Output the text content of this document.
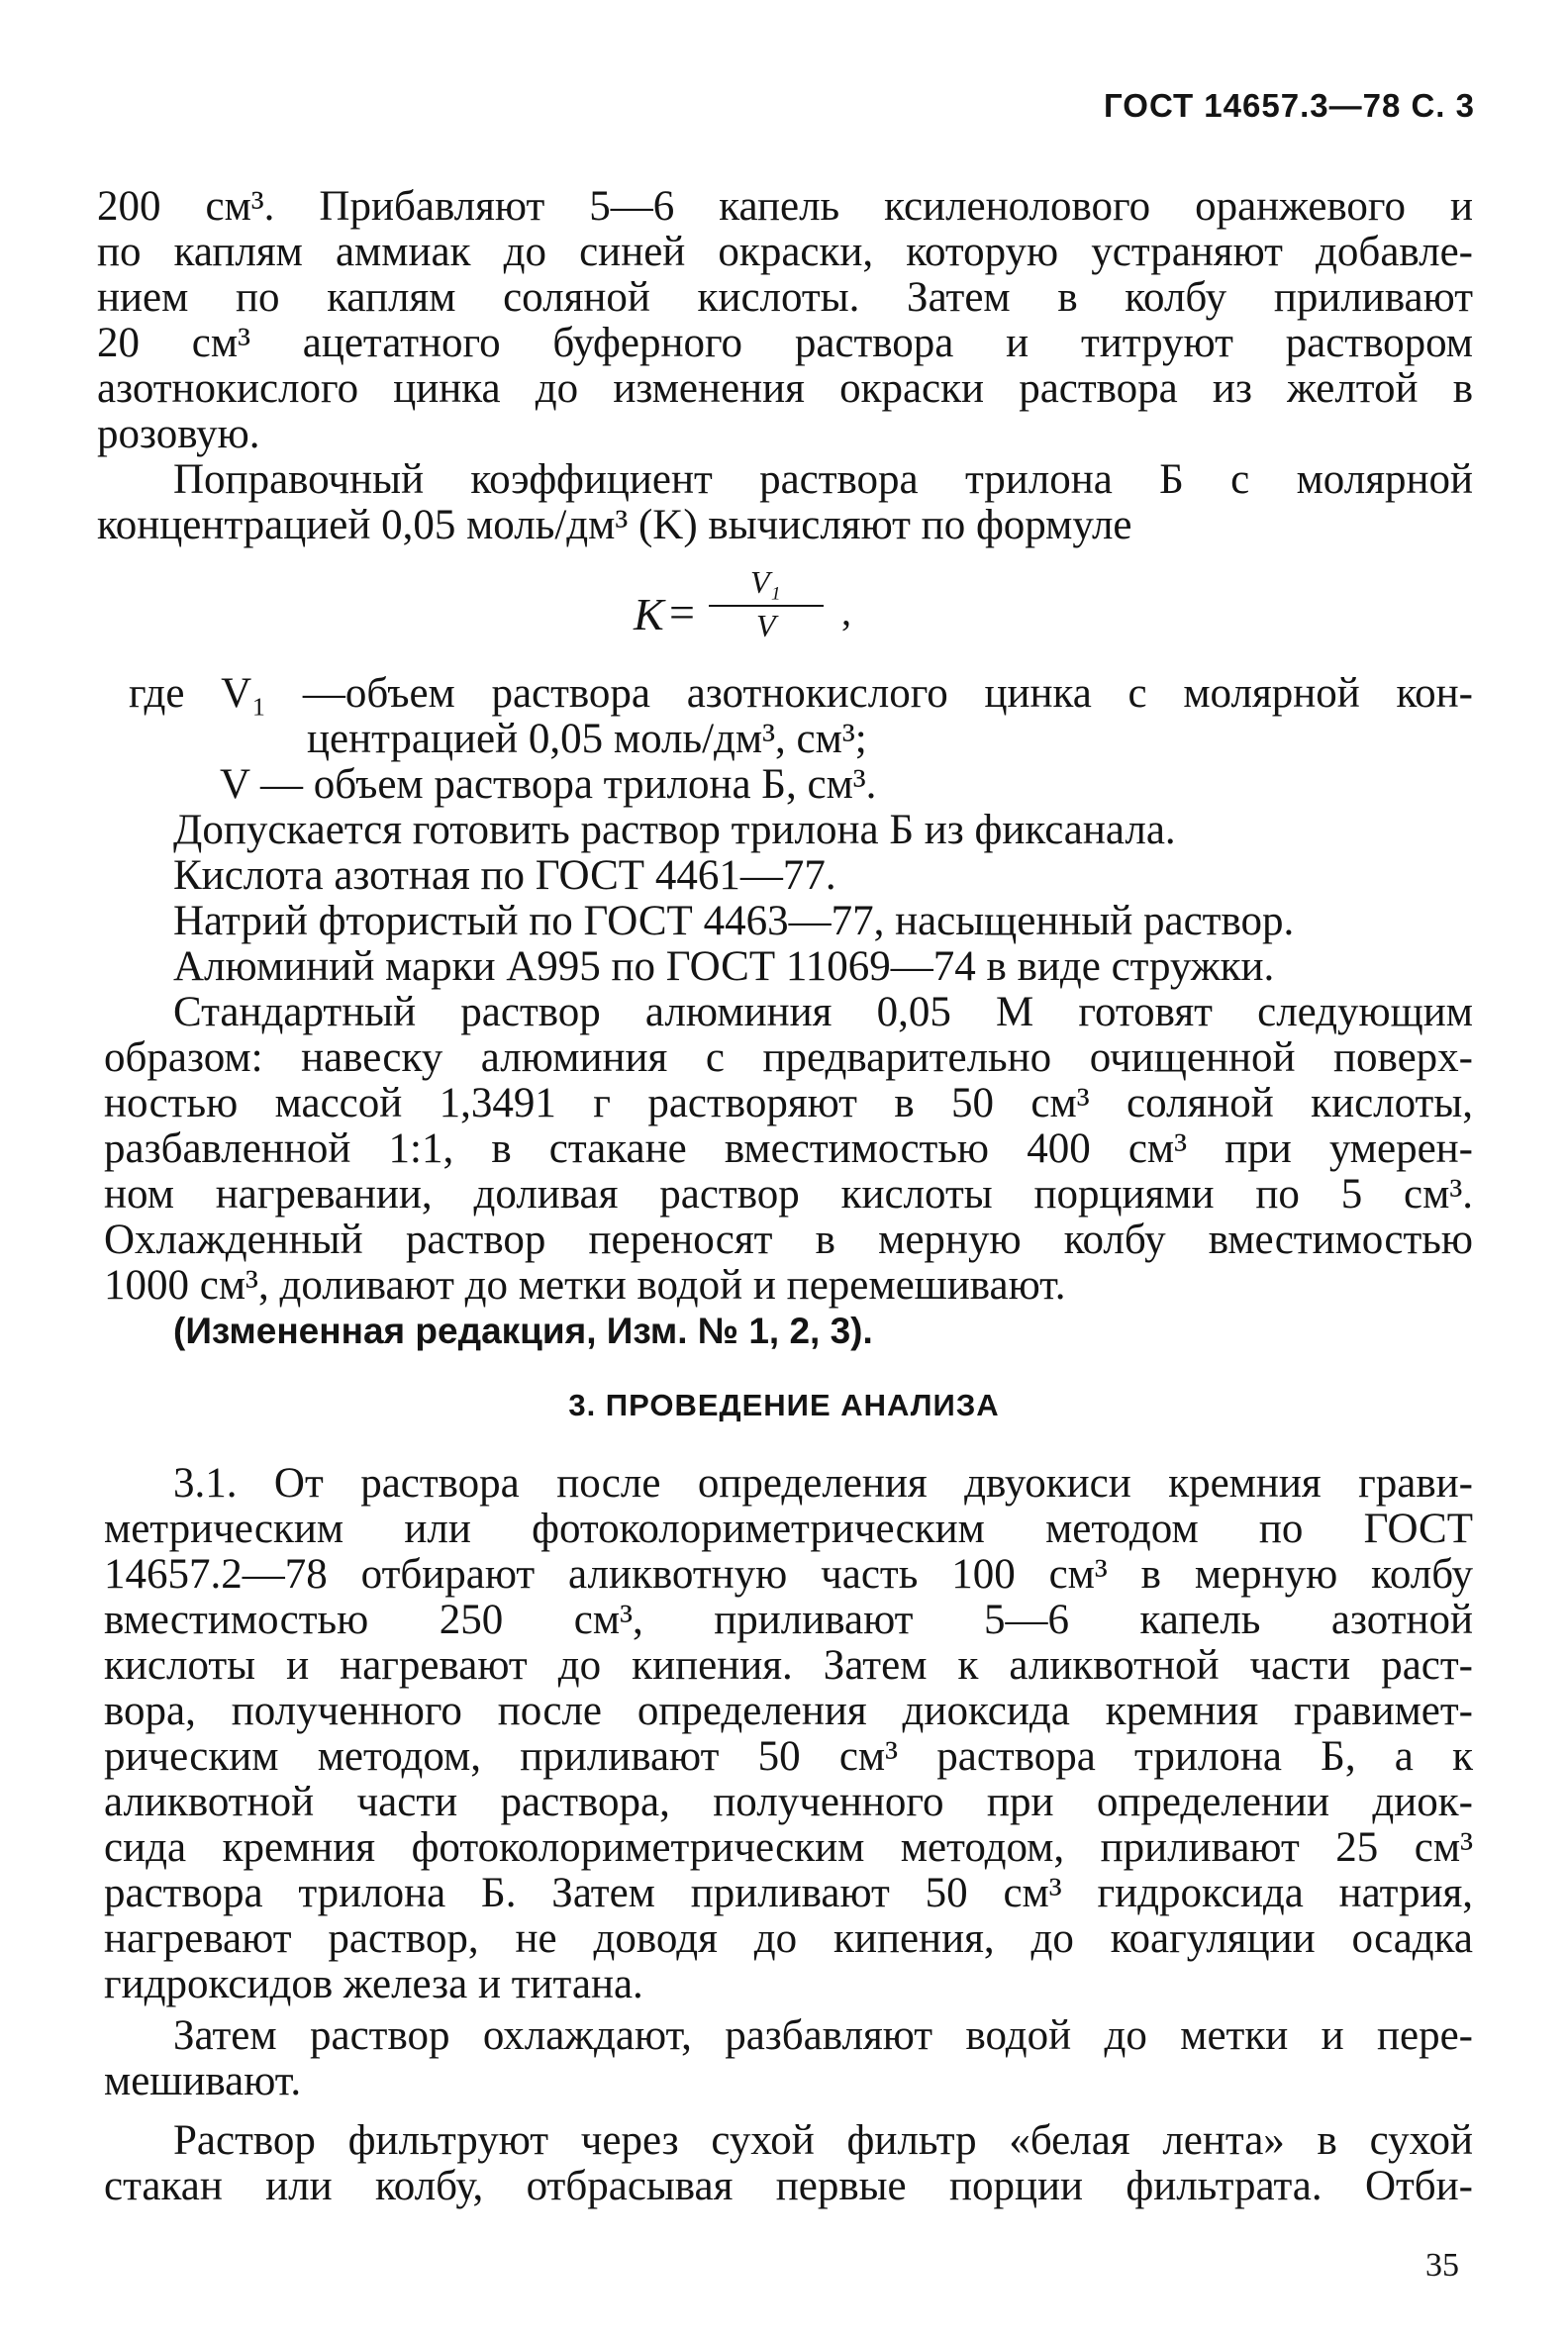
ГОСТ 14657.3—78 С. 3
200 см³. Прибавляют 5—6 капель ксиленолового оранжевого и
по каплям аммиак до синей окраски, которую устраняют добавле-
нием по каплям соляной кислоты. Затем в колбу приливают
20 см³ ацетатного буферного раствора и титруют раствором
азотнокислого цинка до изменения окраски раствора из желтой в
розовую.
Поправочный коэффициент раствора трилона Б с молярной
концентрацией 0,05 моль/дм³ (K) вычисляют по формуле
K =
V₁
V ,
где V₁ —объем раствора азотнокислого цинка с молярной кон-
центрацией 0,05 моль/дм³, см³;
V — объем раствора трилона Б, см³.
Допускается готовить раствор трилона Б из фиксанала.
Кислота азотная по ГОСТ 4461—77.
Натрий фтористый по ГОСТ 4463—77, насыщенный раствор.
Алюминий марки А995 по ГОСТ 11069—74 в виде стружки.
Стандартный раствор алюминия 0,05 М готовят следующим
образом: навеску алюминия с предварительно очищенной поверх-
ностью массой 1,3491 г растворяют в 50 см³ соляной кислоты,
разбавленной 1:1, в стакане вместимостью 400 см³ при умерен-
ном нагревании, доливая раствор кислоты порциями по 5 см³.
Охлажденный раствор переносят в мерную колбу вместимостью
1000 см³, доливают до метки водой и перемешивают.
(Измененная редакция, Изм. № 1, 2, 3).
3. ПРОВЕДЕНИЕ АНАЛИЗА
3.1. От раствора после определения двуокиси кремния грави-
метрическим или фотоколориметрическим методом по ГОСТ
14657.2—78 отбирают аликвотную часть 100 см³ в мерную колбу
вместимостью 250 см³, приливают 5—6 капель азотной
кислоты и нагревают до кипения. Затем к аликвотной части раст-
вора, полученного после определения диоксида кремния гравимет-
рическим методом, приливают 50 см³ раствора трилона Б, а к
аликвотной части раствора, полученного при определении диок-
сида кремния фотоколориметрическим методом, приливают 25 см³
раствора трилона Б. Затем приливают 50 см³ гидроксида натрия,
нагревают раствор, не доводя до кипения, до коагуляции осадка
гидроксидов железа и титана.
Затем раствор охлаждают, разбавляют водой до метки и пере-
мешивают.
Раствор фильтруют через сухой фильтр «белая лента» в сухой
стакан или колбу, отбрасывая первые порции фильтрата. Отби-
35
